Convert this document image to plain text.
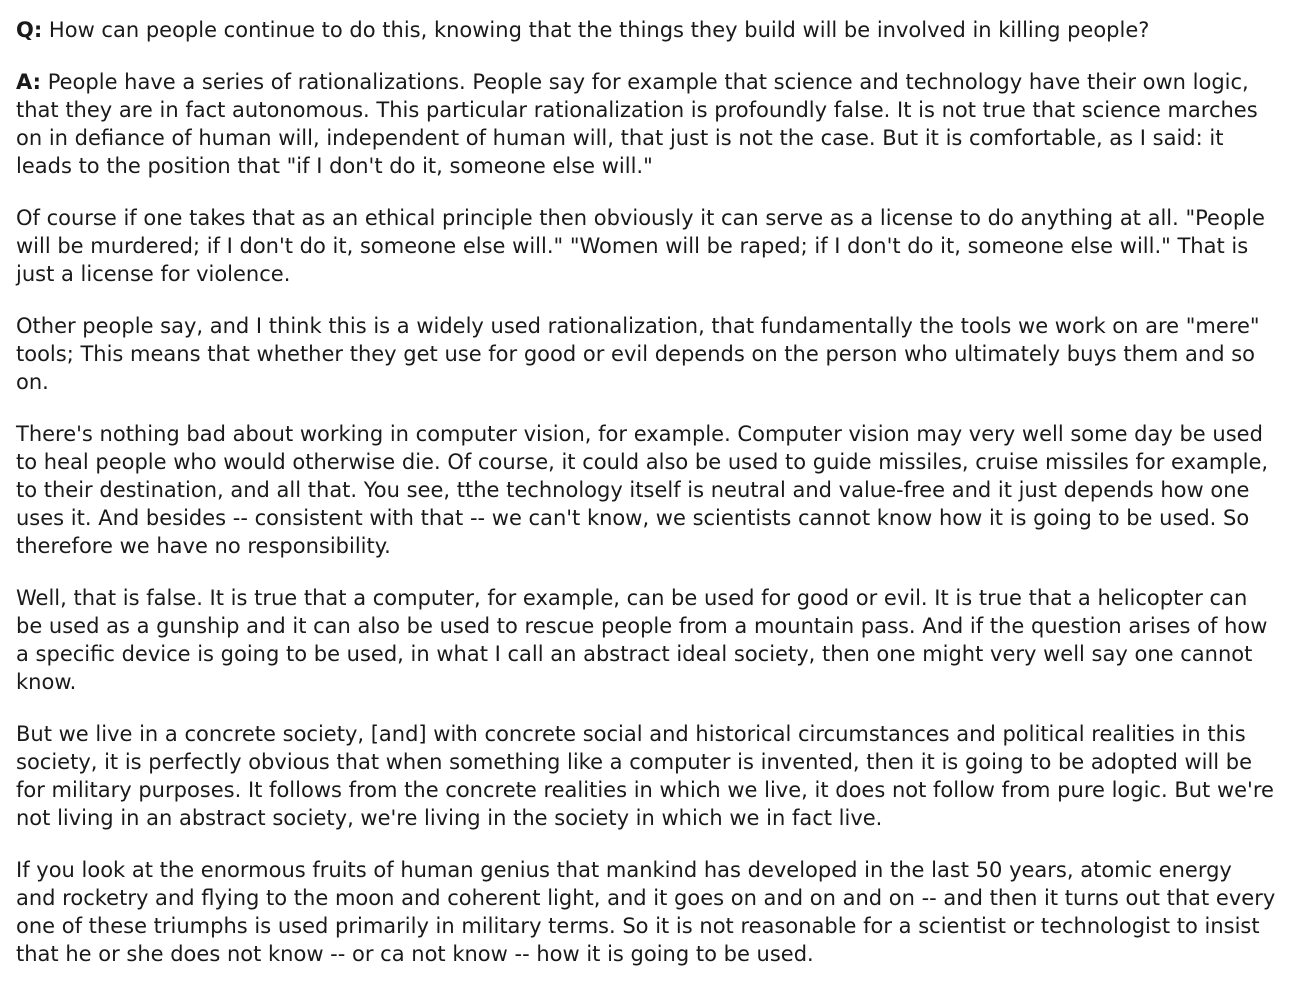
Q: How can people continue to do this, knowing that the things they build will be involved in killing people?

A: People have a series of rationalizations. People say for example that science and technology have their own logic, that they are in fact autonomous. This particular rationalization is profoundly false. It is not true that science marches on in defiance of human will, independent of human will, that just is not the case. But it is comfortable, as I said: it leads to the position that "if I don't do it, someone else will."

Of course if one takes that as an ethical principle then obviously it can serve as a license to do anything at all. "People will be murdered; if I don't do it, someone else will." "Women will be raped; if I don't do it, someone else will." That is just a license for violence.

Other people say, and I think this is a widely used rationalization, that fundamentally the tools we work on are "mere" tools; This means that whether they get use for good or evil depends on the person who ultimately buys them and so on.

There's nothing bad about working in computer vision, for example. Computer vision may very well some day be used to heal people who would otherwise die. Of course, it could also be used to guide missiles, cruise missiles for example, to their destination, and all that. You see, tthe technology itself is neutral and value-free and it just depends how one uses it. And besides -- consistent with that -- we can't know, we scientists cannot know how it is going to be used. So therefore we have no responsibility.

Well, that is false. It is true that a computer, for example, can be used for good or evil. It is true that a helicopter can be used as a gunship and it can also be used to rescue people from a mountain pass. And if the question arises of how a specific device is going to be used, in what I call an abstract ideal society, then one might very well say one cannot know.

But we live in a concrete society, [and] with concrete social and historical circumstances and political realities in this society, it is perfectly obvious that when something like a computer is invented, then it is going to be adopted will be for military purposes. It follows from the concrete realities in which we live, it does not follow from pure logic. But we're not living in an abstract society, we're living in the society in which we in fact live.

If you look at the enormous fruits of human genius that mankind has developed in the last 50 years, atomic energy and rocketry and flying to the moon and coherent light, and it goes on and on and on -- and then it turns out that every one of these triumphs is used primarily in military terms. So it is not reasonable for a scientist or technologist to insist that he or she does not know -- or ca not know -- how it is going to be used.
